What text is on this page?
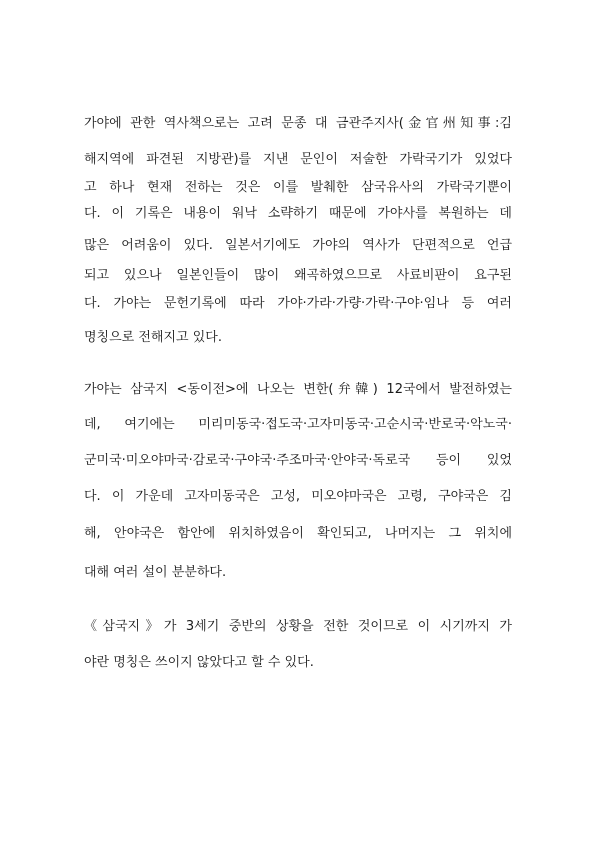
가야에 관한 역사책으로는 고려 문종 대 금관주지사(金官州知事:김
해지역에 파견된 지방관)를 지낸 문인이 저술한 가락국기가 있었다
고 하나 현재 전하는 것은 이를 발췌한 삼국유사의 가락국기뿐이
다. 이 기록은 내용이 워낙 소략하기 때문에 가야사를 복원하는 데
많은 어려움이 있다. 일본서기에도 가야의 역사가 단편적으로 언급
되고 있으나 일본인들이 많이 왜곡하였으므로 사료비판이 요구된
다. 가야는 문헌기록에 따라 가야·가라·가량·가락·구야·임나 등 여러
명칭으로 전해지고 있다.
가야는 삼국지 <동이전>에 나오는 변한(弁韓) 12국에서 발전하였는
데, 여기에는 미리미동국·접도국·고자미동국·고순시국·반로국·악노국·
군미국·미오야마국·감로국·구야국·주조마국·안야국·독로국 등이 있었
다. 이 가운데 고자미동국은 고성, 미오야마국은 고령, 구야국은 김
해, 안야국은 함안에 위치하였음이 확인되고, 나머지는 그 위치에
대해 여러 설이 분분하다.
《삼국지》가 3세기 중반의 상황을 전한 것이므로 이 시기까지 가
야란 명칭은 쓰이지 않았다고 할 수 있다.
